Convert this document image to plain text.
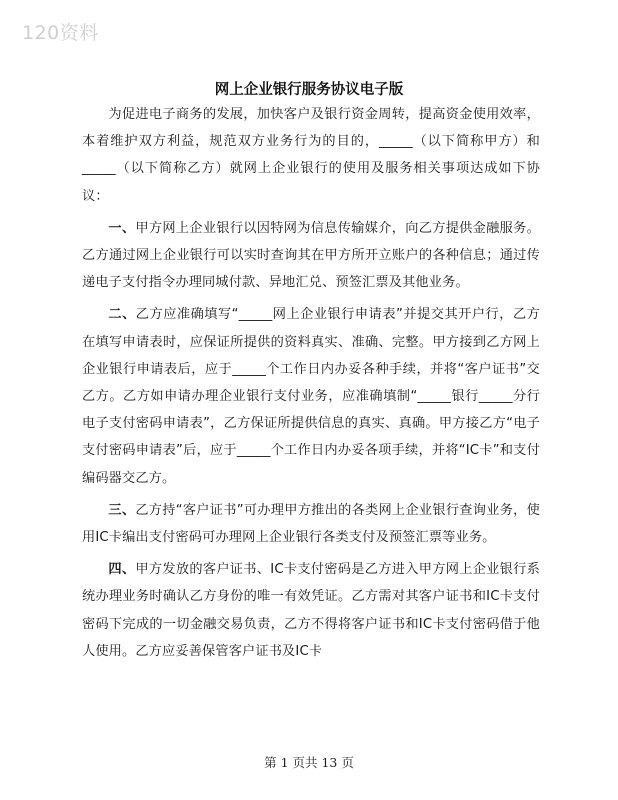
120资料
网上企业银行服务协议电子版

为促进电子商务的发展，加快客户及银行资金周转，提高资金使用效率，本着维护双方利益，规范双方业务行为的目的，_____（以下简称甲方）和_____（以下简称乙方）就网上企业银行的使用及服务相关事项达成如下协议：

一、甲方网上企业银行以因特网为信息传输媒介，向乙方提供金融服务。乙方通过网上企业银行可以实时查询其在甲方所开立账户的各种信息；通过传递电子支付指令办理同城付款、异地汇兑、预签汇票及其他业务。

二、乙方应准确填写“_____网上企业银行申请表”并提交其开户行，乙方在填写申请表时，应保证所提供的资料真实、准确、完整。甲方接到乙方网上企业银行申请表后，应于_____个工作日内办妥各种手续，并将“客户证书”交乙方。乙方如申请办理企业银行支付业务，应准确填制“_____银行_____分行电子支付密码申请表”，乙方保证所提供信息的真实、真确。甲方接乙方“电子支付密码申请表”后，应于_____个工作日内办妥各项手续，并将“IC卡”和支付编码器交乙方。

三、乙方持“客户证书”可办理甲方推出的各类网上企业银行查询业务，使用IC卡编出支付密码可办理网上企业银行各类支付及预签汇票等业务。

四、甲方发放的客户证书、IC卡支付密码是乙方进入甲方网上企业银行系统办理业务时确认乙方身份的唯一有效凭证。乙方需对其客户证书和IC卡支付密码下完成的一切金融交易负责，乙方不得将客户证书和IC卡支付密码借于他人使用。乙方应妥善保管客户证书及IC卡

第 1 页共 13 页
